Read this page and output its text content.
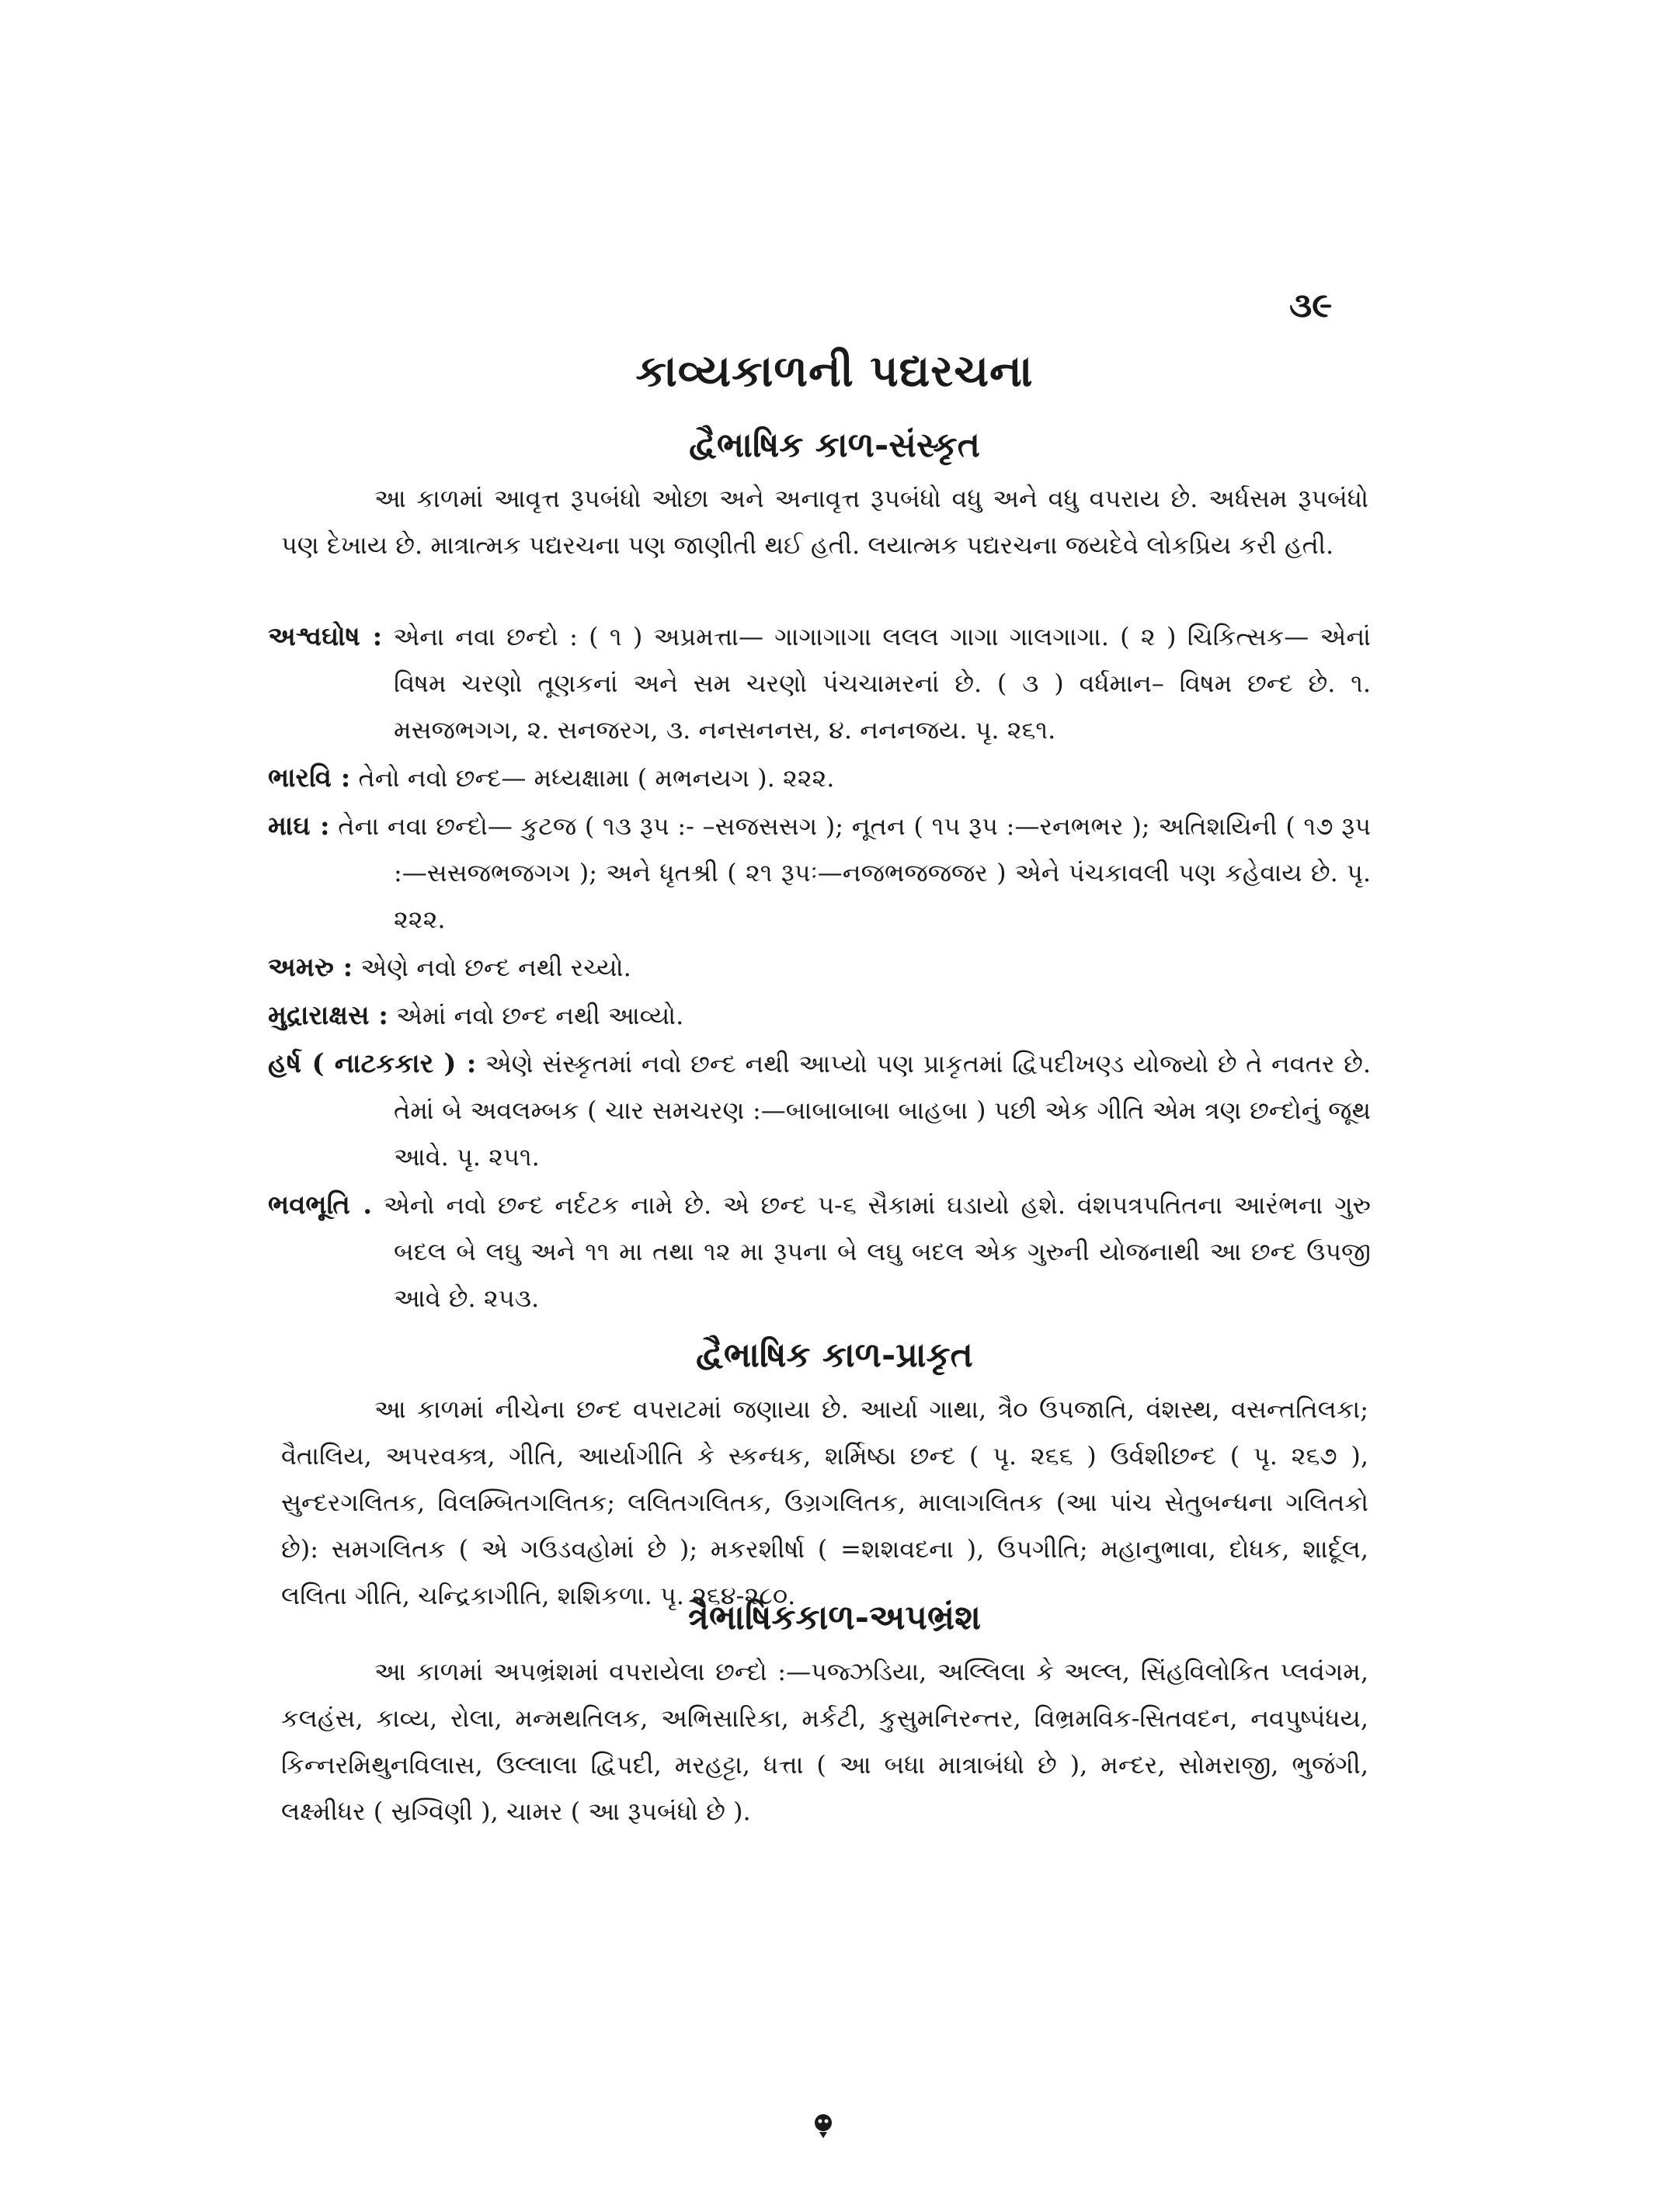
૩૯
કાવ્યકાળની પદ્યરચના
દ્વૈભાષિક કાળ-સંસ્કૃત
આ કાળમાં આવૃત્ત રૂપબંધો ઓછા અને અનાવૃત્ત રૂપબંધો વધુ અને વધુ વપરાય છે. અર્ધસમ રૂપબંધો પણ દેખાય છે. માત્રાત્મક પદ્યરચના પણ જાણીતી થઈ હતી. લયાત્મક પદ્યરચના જયદેવે લોકપ્રિય કરી હતી.
અશ્વઘોષ : એના નવા છન્દો : ( ૧ ) અપ્રમત્તા— ગાગાગાગા લલલ ગાગા ગાલગાગા. ( ૨ ) ચિકિત્સક— એનાં વિષમ ચરણો તૂણકનાં અને સમ ચરણો પંચચામરનાં છે. ( ૩ ) વર્ધમાન– વિષમ છન્દ છે. ૧. મસજભગગ, ૨. સનજરગ, ૩. નનસનનસ, ૪. નનનજય. પૃ. ૨૬૧.
ભારવિ : તેનો નવો છન્દ— મધ્યક્ષામા ( મભનયગ ). ૨૨૨.
માઘ : તેના નવા છન્દો— કુટજ ( ૧૩ રૂપ :- –સજસસગ ); નૂતન ( ૧૫ રૂપ :—રનભભર ); અતિશયિની ( ૧૭ રૂપ :—સસજભજગગ ); અને ધૃતશ્રી ( ૨૧ રૂપઃ—નજભજજજર ) એને પંચકાવલી પણ કહેવાય છે. પૃ. ૨૨૨.
અમરુ : એણે નવો છન્દ નથી રચ્યો.
મુદ્રારાક્ષસ : એમાં નવો છન્દ નથી આવ્યો.
હર્ષ ( નાટકકાર ) : એણે સંસ્કૃતમાં નવો છન્દ નથી આપ્યો પણ પ્રાકૃતમાં દ્વિપદીખણ્ડ યોજ્યો છે તે નવતર છે. તેમાં બે અવલમ્બક ( ચાર સમચરણ :—બાબાબાબા બાહબા ) પછી એક ગીતિ એમ ત્રણ છન્દોનું જૂથ આવે. પૃ. ૨૫૧.
ભવભૂતિ . એનો નવો છન્દ નર્દટક નામે છે. એ છન્દ ૫-૬ સૈકામાં ઘડાયો હશે. વંશપત્રપતિતના આરંભના ગુરુ બદલ બે લઘુ અને ૧૧ મા તથા ૧૨ મા રૂપના બે લઘુ બદલ એક ગુરુની યોજનાથી આ છન્દ ઉપજી આવે છે. ૨૫૩.
દ્વૈભાષિક કાળ-પ્રાકૃત
આ કાળમાં નીચેના છન્દ વપરાટમાં જણાયા છે. આર્યા ગાથા, ત્રૈ૦ ઉપજાતિ, વંશસ્થ, વસન્તતિલકા; વૈતાલિય, અપરવક્ત્ર, ગીતિ, આર્યાગીતિ કે સ્કન્ધક, શર્મિષ્ઠા છન્દ ( પૃ. ૨૬૬ ) ઉર્વશીછન્દ ( પૃ. ૨૬૭ ), સુન્દરગલિતક, વિલમ્બિતગલિતક; લલિતગલિતક, ઉગ્રગલિતક, માલાગલિતક (આ પાંચ સેતુબન્ધના ગલિતકો છે): સમગલિતક ( એ ગઉડવહોમાં છે ); મકરશીર્ષા ( =શશવદના ), ઉપગીતિ; મહાનુભાવા, દોધક, શાર્દૂલ, લલિતા ગીતિ, ચન્દ્રિકાગીતિ, શશિકળા. પૃ. ૨૬૪-૨૮૦.
ત્રૈભાષિકકાળ-અપભ્રંશ
આ કાળમાં અપભ્રંશમાં વપરાયેલા છન્દો :—પજ્ઝડિયા, અલ્લિલા કે અલ્લ, સિંહવિલોકિત પ્લવંગમ, કલહંસ, કાવ્ય, રોલા, મન્મથતિલક, અભિસારિકા, મર્કટી, કુસુમનિરન્તર, વિભ્રમવિક-સિતવદન, નવપુષ્પંધય, કિન્નરમિથુનવિલાસ, ઉલ્લાલા દ્વિપદી, મરહટ્ટા, ધત્તા ( આ બધા માત્રાબંધો છે ), મન્દર, સોમરાજી, ભુજંગી, લક્ષ્મીધર ( સ્રગ્વિણી ), ચામર ( આ રૂપબંધો છે ).
